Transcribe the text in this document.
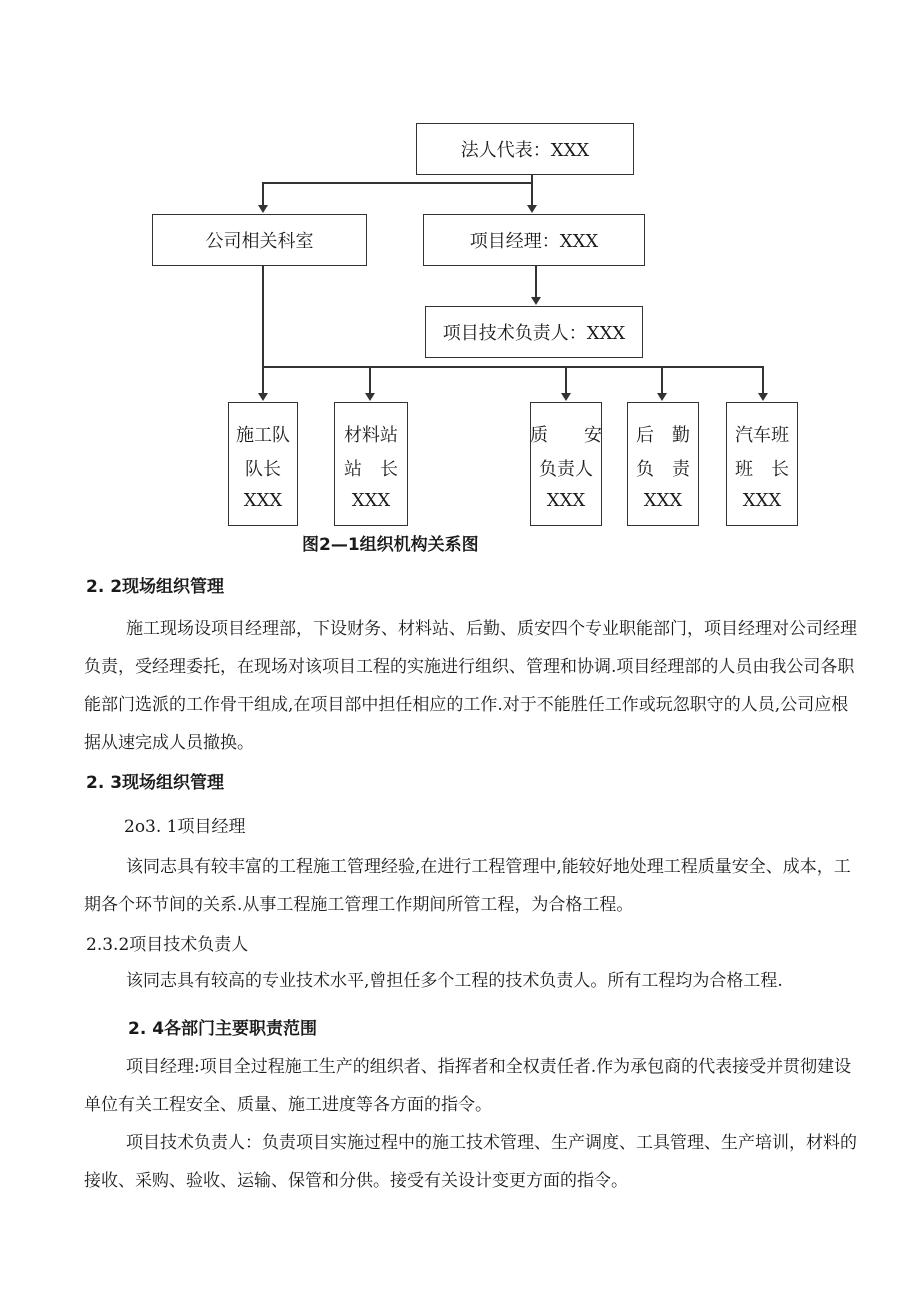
法人代表：XXX
公司相关科室	项目经理：XXX
项目技术负责人：XXX
施工队
队长
XXX
材料站
站　长
XXX
质　　安
负责人
XXX
后　勤
负　责
XXX
汽车班
班　长
XXX
图2—1组织机构关系图
2. 2现场组织管理
施工现场设项目经理部，下设财务、材料站、后勤、质安四个专业职能部门，项目经理对公司经理负责，受经理委托，在现场对该项目工程的实施进行组织、管理和协调.项目经理部的人员由我公司各职能部门选派的工作骨干组成,在项目部中担任相应的工作.对于不能胜任工作或玩忽职守的人员,公司应根据从速完成人员撤换。
2. 3现场组织管理
2o3. 1项目经理
该同志具有较丰富的工程施工管理经验,在进行工程管理中,能较好地处理工程质量安全、成本，工期各个环节间的关系.从事工程施工管理工作期间所管工程，为合格工程。
2.3.2项目技术负责人
该同志具有较高的专业技术水平,曾担任多个工程的技术负责人。所有工程均为合格工程.
2. 4各部门主要职责范围
项目经理:项目全过程施工生产的组织者、指挥者和全权责任者.作为承包商的代表接受并贯彻建设单位有关工程安全、质量、施工进度等各方面的指令。
项目技术负责人：负责项目实施过程中的施工技术管理、生产调度、工具管理、生产培训，材料的接收、采购、验收、运输、保管和分供。接受有关设计变更方面的指令。
